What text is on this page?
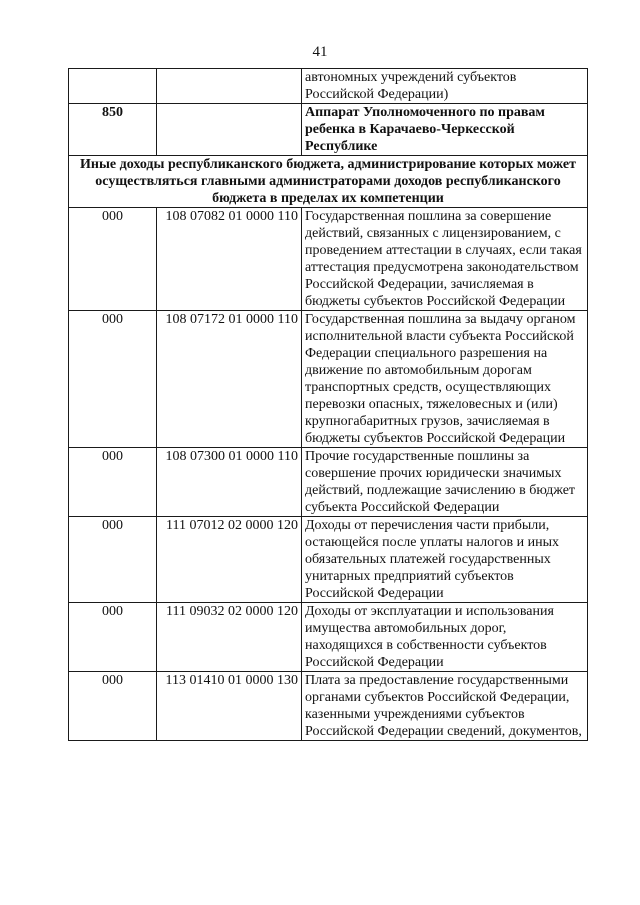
41
		автономных учреждений субъектов Российской Федерации)
850		Аппарат Уполномоченного по правам ребенка в Карачаево-Черкесской Республике
Иные доходы республиканского бюджета, администрирование которых может осуществляться главными администраторами доходов республиканского бюджета в пределах их компетенции		
000	108 07082 01 0000 110	Государственная пошлина за совершение действий, связанных с лицензированием, с проведением аттестации в случаях, если такая аттестация предусмотрена законодательством Российской Федерации, зачисляемая в бюджеты субъектов Российской Федерации
000	108 07172 01 0000 110	Государственная пошлина за выдачу органом исполнительной власти субъекта Российской Федерации специального разрешения на движение по автомобильным дорогам транспортных средств, осуществляющих перевозки опасных, тяжеловесных и (или) крупногабаритных грузов, зачисляемая в бюджеты субъектов Российской Федерации
000	108 07300 01 0000 110	Прочие государственные пошлины за совершение прочих юридически значимых действий, подлежащие зачислению в бюджет субъекта Российской Федерации
000	111 07012 02 0000 120	Доходы от перечисления части прибыли, остающейся после уплаты налогов и иных обязательных платежей государственных унитарных предприятий субъектов Российской Федерации
000	111 09032 02 0000 120	Доходы от эксплуатации и использования имущества автомобильных дорог, находящихся в собственности субъектов Российской Федерации
000	113 01410 01 0000 130	Плата за предоставление государственными органами субъектов Российской Федерации, казенными учреждениями субъектов Российской Федерации сведений, документов,
